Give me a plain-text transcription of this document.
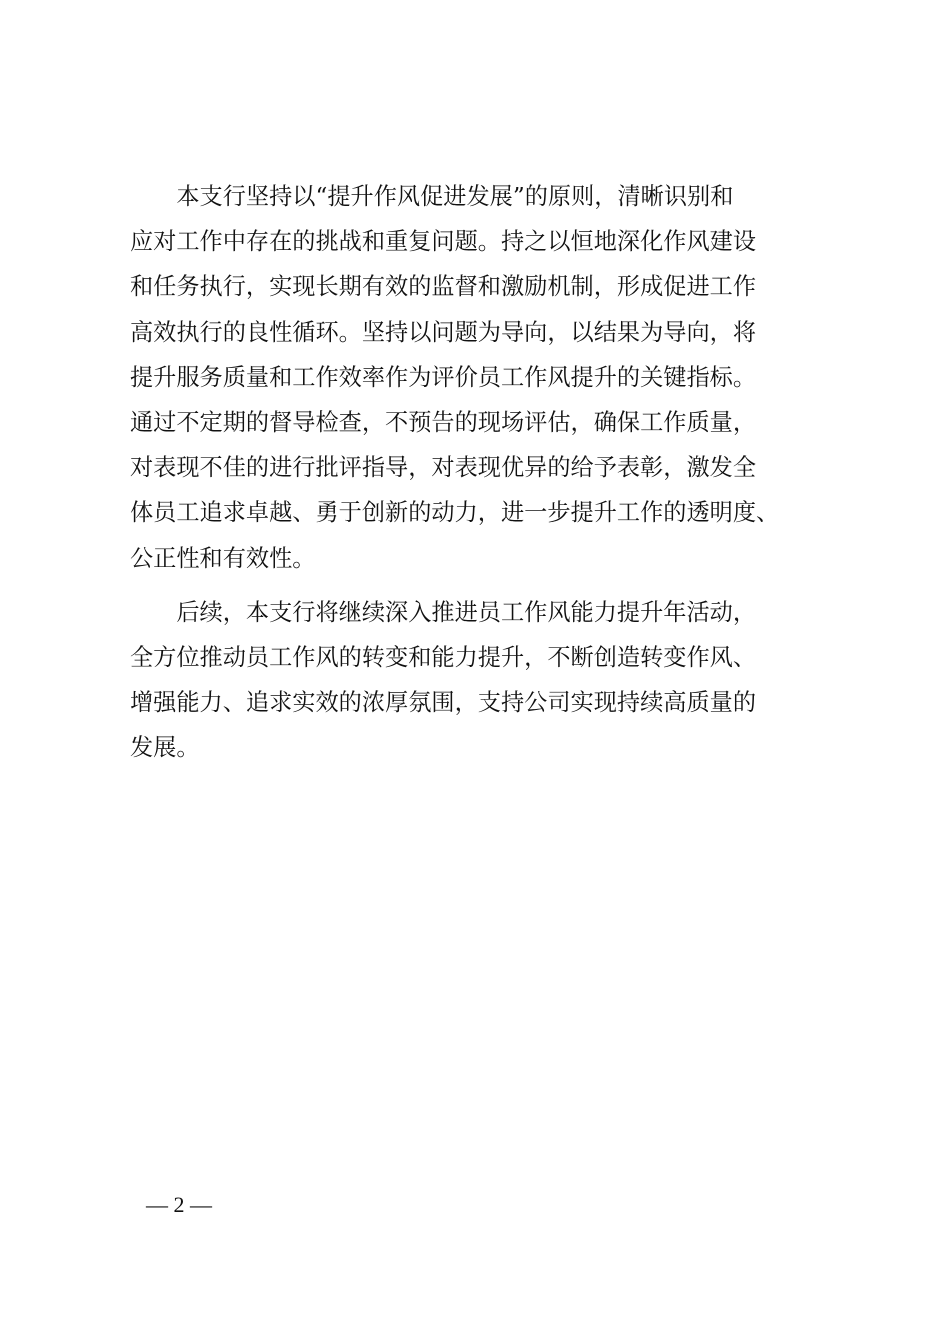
　　本支行坚持以“提升作风促进发展”的原则，清晰识别和
应对工作中存在的挑战和重复问题。持之以恒地深化作风建设
和任务执行，实现长期有效的监督和激励机制，形成促进工作
高效执行的良性循环。坚持以问题为导向，以结果为导向，将
提升服务质量和工作效率作为评价员工作风提升的关键指标。
通过不定期的督导检查，不预告的现场评估，确保工作质量，
对表现不佳的进行批评指导，对表现优异的给予表彰，激发全
体员工追求卓越、勇于创新的动力，进一步提升工作的透明度、
公正性和有效性。
　　后续，本支行将继续深入推进员工作风能力提升年活动，
全方位推动员工作风的转变和能力提升，不断创造转变作风、
增强能力、追求实效的浓厚氛围，支持公司实现持续高质量的
发展。
— 2 —
